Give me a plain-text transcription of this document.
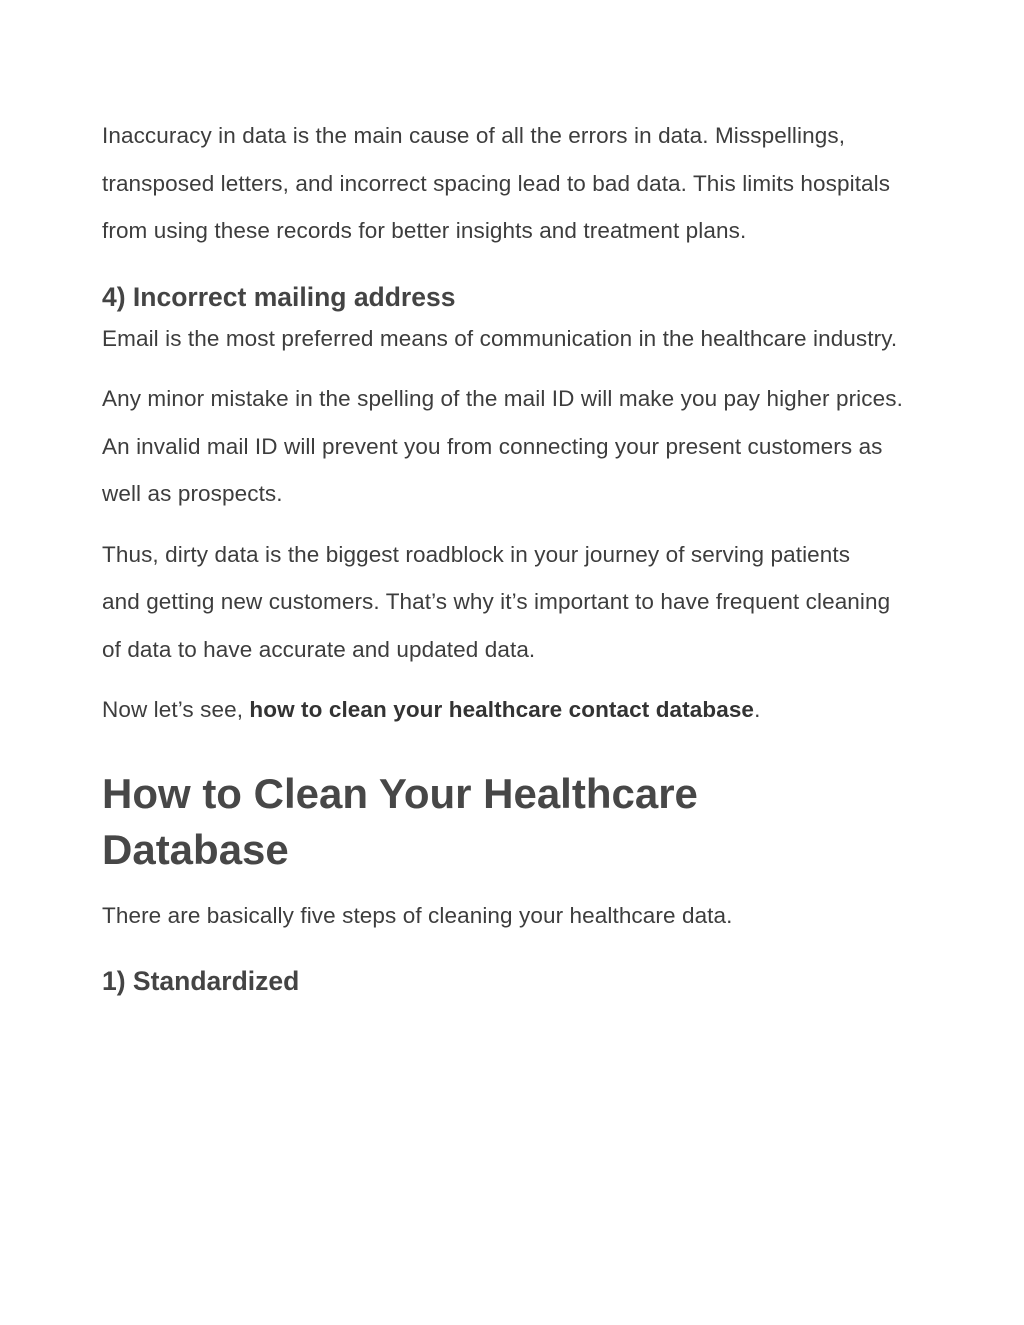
Inaccuracy in data is the main cause of all the errors in data. Misspellings, transposed letters, and incorrect spacing lead to bad data. This limits hospitals from using these records for better insights and treatment plans.

4) Incorrect mailing address

Email is the most preferred means of communication in the healthcare industry.

Any minor mistake in the spelling of the mail ID will make you pay higher prices. An invalid mail ID will prevent you from connecting your present customers as well as prospects.

Thus, dirty data is the biggest roadblock in your journey of serving patients and getting new customers. That’s why it’s important to have frequent cleaning of data to have accurate and updated data.

Now let’s see, how to clean your healthcare contact database.

How to Clean Your Healthcare Database

There are basically five steps of cleaning your healthcare data.

1) Standardized
